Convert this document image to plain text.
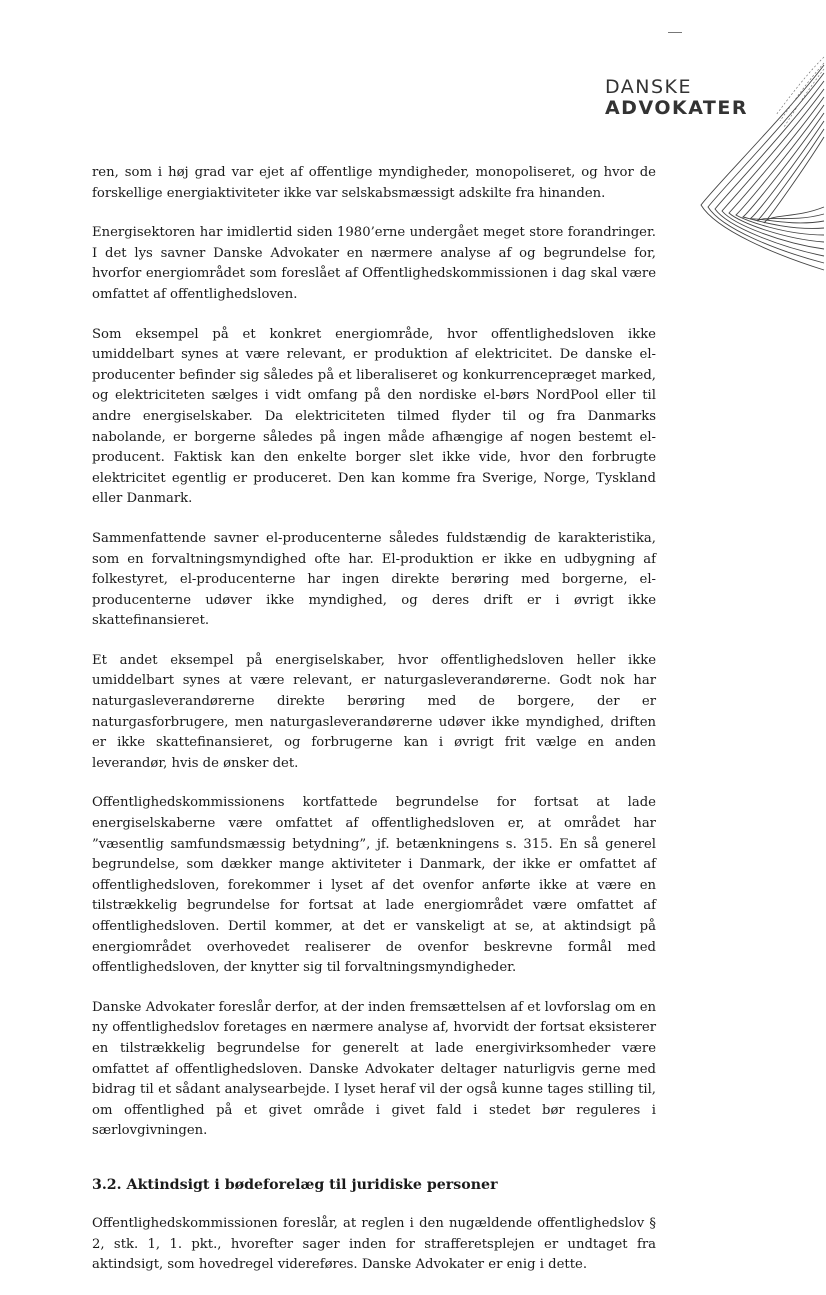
DANSKE
ADVOKATER

ren, som i høj grad var ejet af offentlige myndigheder, monopoliseret, og hvor de forskellige energiaktiviteter ikke var selskabsmæssigt adskilte fra hinanden.

Energisektoren har imidlertid siden 1980’erne undergået meget store forandringer. I det lys savner Danske Advokater en nærmere analyse af og begrundelse for, hvorfor energiområdet som foreslået af Offentlighedskommissionen i dag skal være omfattet af offentlighedsloven.

Som eksempel på et konkret energiområde, hvor offentlighedsloven ikke umiddelbart synes at være relevant, er produktion af elektricitet. De danske el-producenter befinder sig således på et liberaliseret og konkurrencepræget marked, og elektriciteten sælges i vidt omfang på den nordiske el-børs NordPool eller til andre energiselskaber. Da elektriciteten tilmed flyder til og fra Danmarks nabolande, er borgerne således på ingen måde afhængige af nogen bestemt el-producent. Faktisk kan den enkelte borger slet ikke vide, hvor den forbrugte elektricitet egentlig er produceret. Den kan komme fra Sverige, Norge, Tyskland eller Danmark.

Sammenfattende savner el-producenterne således fuldstændig de karakteristika, som en forvaltningsmyndighed ofte har. El-produktion er ikke en udbygning af folkestyret, el-producenterne har ingen direkte berøring med borgerne, el-producenterne udøver ikke myndighed, og deres drift er i øvrigt ikke skattefinansieret.

Et andet eksempel på energiselskaber, hvor offentlighedsloven heller ikke umiddelbart synes at være relevant, er naturgasleverandørerne. Godt nok har naturgasleverandørerne direkte berøring med de borgere, der er naturgasforbrugere, men naturgasleverandørerne udøver ikke myndighed, driften er ikke skattefinansieret, og forbrugerne kan i øvrigt frit vælge en anden leverandør, hvis de ønsker det.

Offentlighedskommissionens kortfattede begrundelse for fortsat at lade energiselskaberne være omfattet af offentlighedsloven er, at området har ”væsentlig samfundsmæssig betydning”, jf. betænkningens s. 315. En så generel begrundelse, som dækker mange aktiviteter i Danmark, der ikke er omfattet af offentlighedsloven, forekommer i lyset af det ovenfor anførte ikke at være en tilstrækkelig begrundelse for fortsat at lade energiområdet være omfattet af offentlighedsloven. Dertil kommer, at det er vanskeligt at se, at aktindsigt på energiområdet overhovedet realiserer de ovenfor beskrevne formål med offentlighedsloven, der knytter sig til forvaltningsmyndigheder.

Danske Advokater foreslår derfor, at der inden fremsættelsen af et lovforslag om en ny offentlighedslov foretages en nærmere analyse af, hvorvidt der fortsat eksisterer en tilstrækkelig begrundelse for generelt at lade energivirksomheder være omfattet af offentlighedsloven. Danske Advokater deltager naturligvis gerne med bidrag til et sådant analysearbejde. I lyset heraf vil der også kunne tages stilling til, om offentlighed på et givet område i givet fald i stedet bør reguleres i særlovgivningen.

3.2. Aktindsigt i bødeforelæg til juridiske personer

Offentlighedskommissionen foreslår, at reglen i den nugældende offentlighedslov § 2, stk. 1, 1. pkt., hvorefter sager inden for strafferetsplejen er undtaget fra aktindsigt, som hovedregel videreføres. Danske Advokater er enig i dette.
